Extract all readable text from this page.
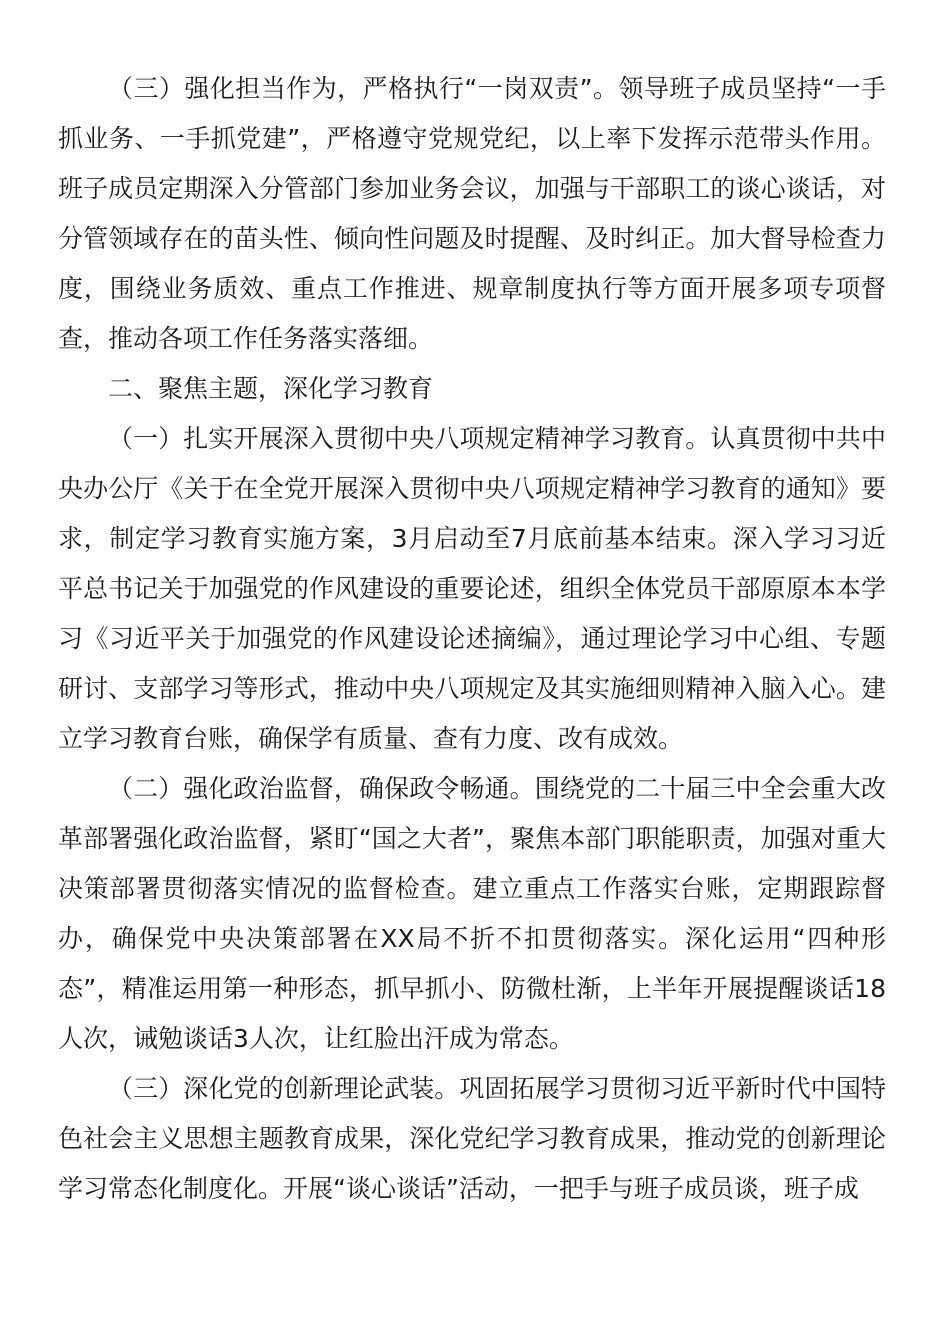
（三）强化担当作为，严格执行“一岗双责”。领导班子成员坚持“一手抓业务、一手抓党建”，严格遵守党规党纪，以上率下发挥示范带头作用。班子成员定期深入分管部门参加业务会议，加强与干部职工的谈心谈话，对分管领域存在的苗头性、倾向性问题及时提醒、及时纠正。加大督导检查力度，围绕业务质效、重点工作推进、规章制度执行等方面开展多项专项督查，推动各项工作任务落实落细。

二、聚焦主题，深化学习教育

（一）扎实开展深入贯彻中央八项规定精神学习教育。认真贯彻中共中央办公厅《关于在全党开展深入贯彻中央八项规定精神学习教育的通知》要求，制定学习教育实施方案，3月启动至7月底前基本结束。深入学习习近平总书记关于加强党的作风建设的重要论述，组织全体党员干部原原本本学习《习近平关于加强党的作风建设论述摘编》，通过理论学习中心组、专题研讨、支部学习等形式，推动中央八项规定及其实施细则精神入脑入心。建立学习教育台账，确保学有质量、查有力度、改有成效。

（二）强化政治监督，确保政令畅通。围绕党的二十届三中全会重大改革部署强化政治监督，紧盯“国之大者”，聚焦本部门职能职责，加强对重大决策部署贯彻落实情况的监督检查。建立重点工作落实台账，定期跟踪督办，确保党中央决策部署在XX局不折不扣贯彻落实。深化运用“四种形态”，精准运用第一种形态，抓早抓小、防微杜渐，上半年开展提醒谈话18人次，诫勉谈话3人次，让红脸出汗成为常态。

（三）深化党的创新理论武装。巩固拓展学习贯彻习近平新时代中国特色社会主义思想主题教育成果，深化党纪学习教育成果，推动党的创新理论学习常态化制度化。开展“谈心谈话”活动，一把手与班子成员谈，班子成
